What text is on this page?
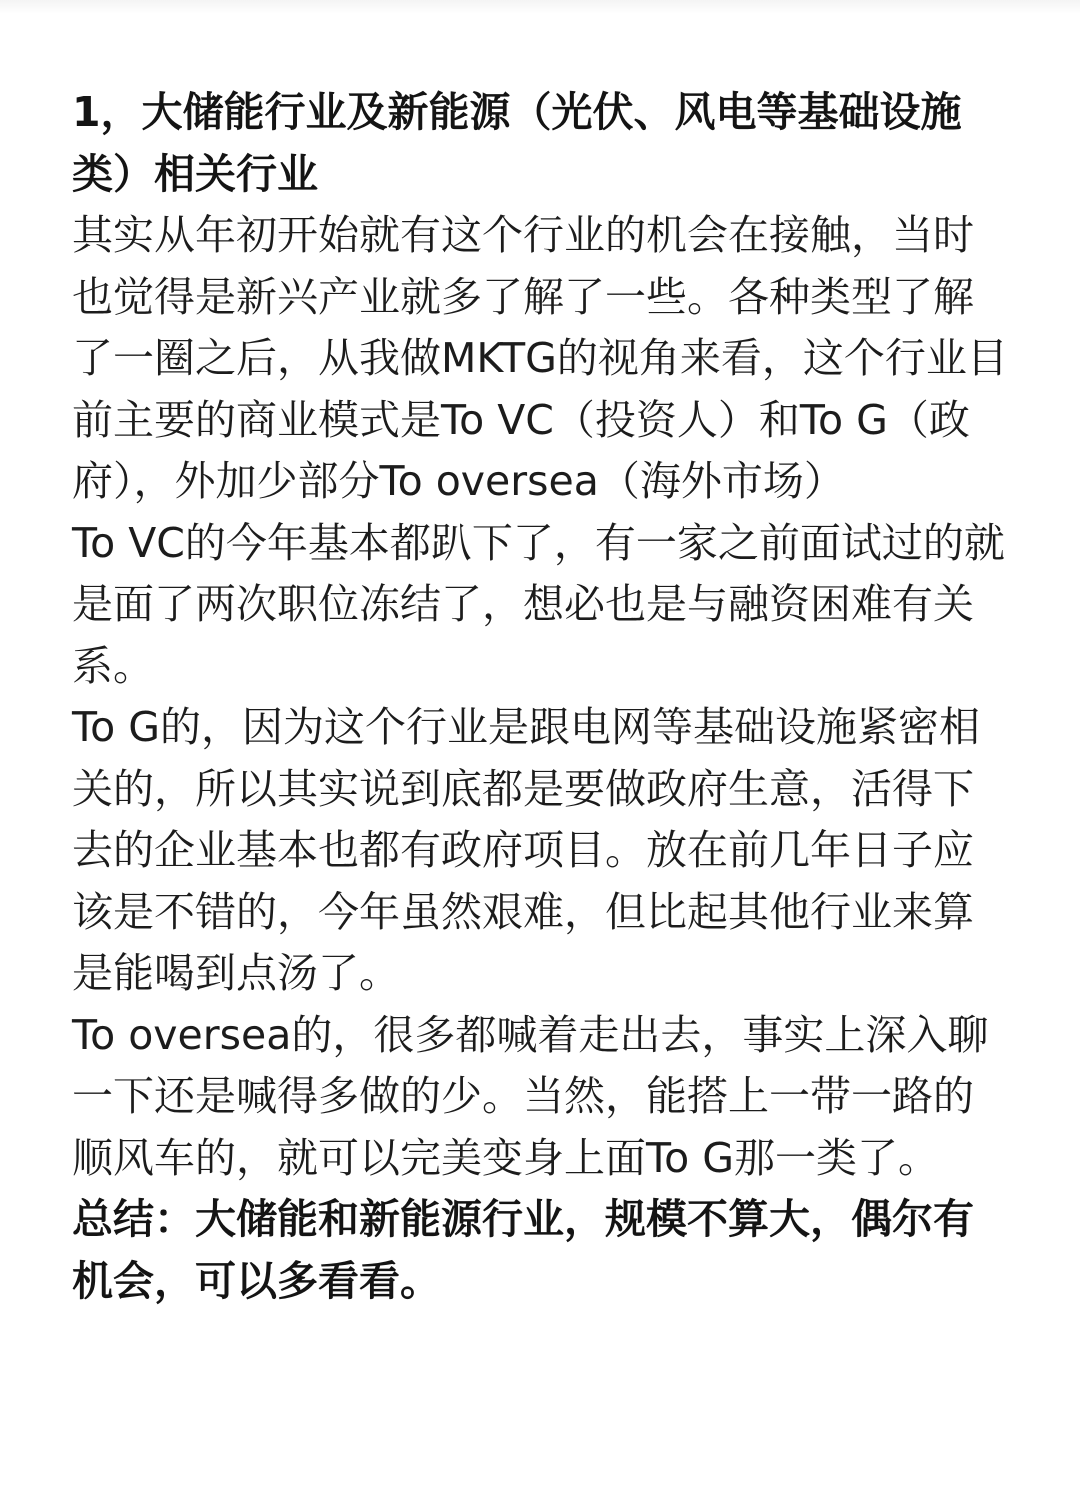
1，大储能行业及新能源（光伏、风电等基础设施类）相关行业

其实从年初开始就有这个行业的机会在接触，当时也觉得是新兴产业就多了解了一些。各种类型了解了一圈之后，从我做MKTG的视角来看，这个行业目前主要的商业模式是To VC（投资人）和To G（政府），外加少部分To oversea（海外市场）

To VC的今年基本都趴下了，有一家之前面试过的就是面了两次职位冻结了，想必也是与融资困难有关系。

To G的，因为这个行业是跟电网等基础设施紧密相关的，所以其实说到底都是要做政府生意，活得下去的企业基本也都有政府项目。放在前几年日子应该是不错的，今年虽然艰难，但比起其他行业来算是能喝到点汤了。

To oversea的，很多都喊着走出去，事实上深入聊一下还是喊得多做的少。当然，能搭上一带一路的顺风车的，就可以完美变身上面To G那一类了。

总结：大储能和新能源行业，规模不算大，偶尔有机会，可以多看看。
